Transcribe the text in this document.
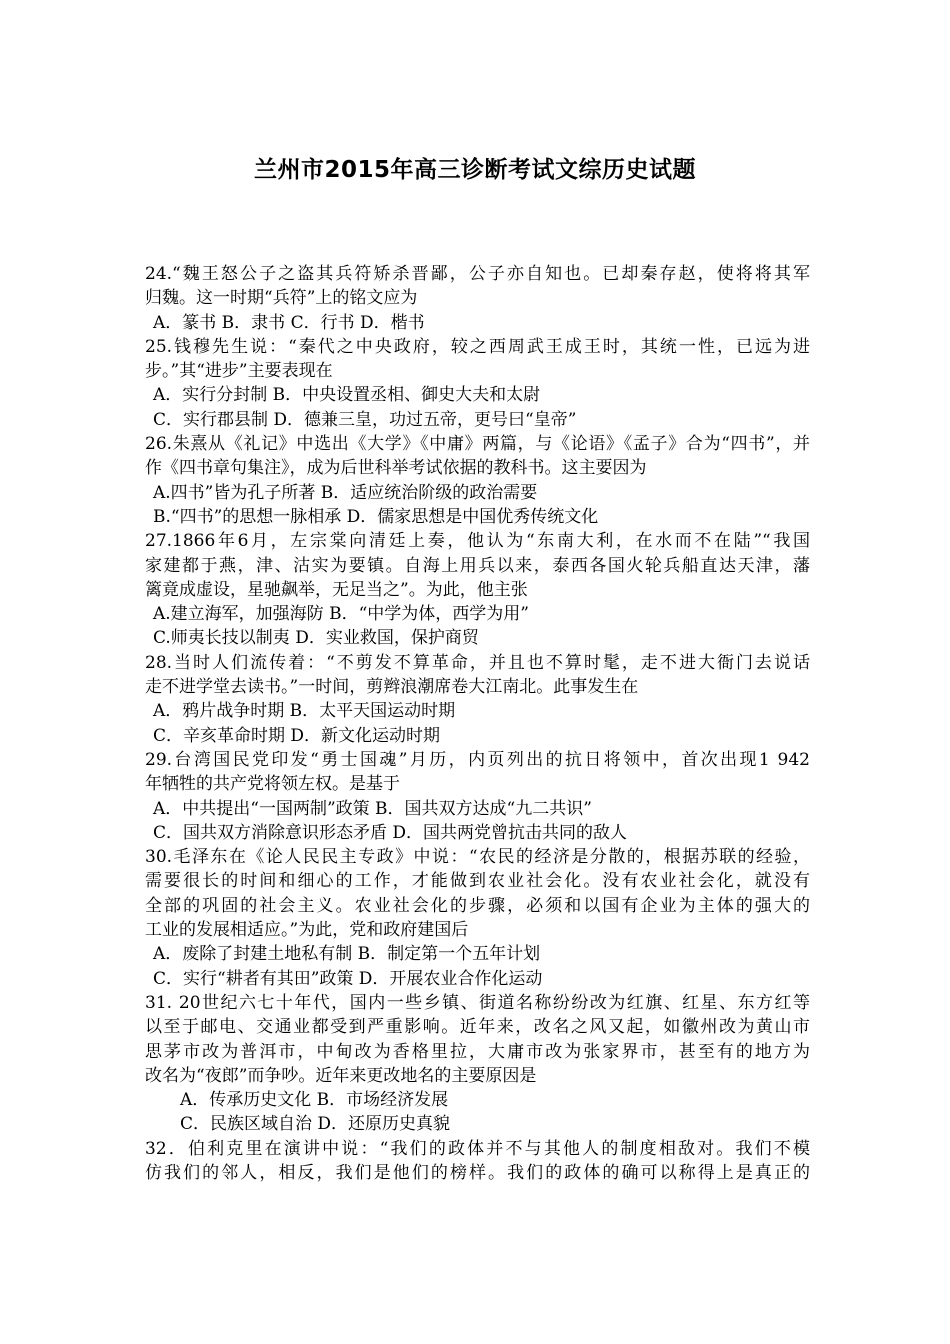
兰州市2015年高三诊断考试文综历史试题
24.“魏王怒公子之盗其兵符矫杀晋鄙，公子亦自知也。已却秦存赵，使将将其军
归魏。这一时期“兵符”上的铭文应为
A．篆书 B．隶书 C．行书 D．楷书
25.钱穆先生说：“秦代之中央政府，较之西周武王成王时，其统一性，已远为进
步。”其“进步”主要表现在
A．实行分封制 B．中央设置丞相、御史大夫和太尉
C．实行郡县制 D．德兼三皇，功过五帝，更号曰“皇帝”
26.朱熹从《礼记》中选出《大学》《中庸》两篇，与《论语》《孟子》合为“四书”，并
作《四书章句集注》，成为后世科举考试依据的教科书。这主要因为
A.四书”皆为孔子所著 B．适应统治阶级的政治需要
B.“四书”的思想一脉相承 D．儒家思想是中国优秀传统文化
27.1866年6月，左宗棠向清廷上奏，他认为“东南大利，在水而不在陆”“我国
家建都于燕，津、沽实为要镇。自海上用兵以来，泰西各国火轮兵船直达天津，藩
篱竟成虚设，星驰飙举，无足当之”。为此，他主张
A.建立海军，加强海防 B．“中学为体，西学为用”
C.师夷长技以制夷 D．实业救国，保护商贸
28.当时人们流传着：“不剪发不算革命，并且也不算时髦，走不进大衙门去说话
走不进学堂去读书。”一时间，剪辫浪潮席卷大江南北。此事发生在
A．鸦片战争时期 B．太平天国运动时期
C．辛亥革命时期 D．新文化运动时期
29.台湾国民党印发“勇士国魂”月历，内页列出的抗日将领中，首次出现1 942
年牺牲的共产党将领左权。是基于
A．中共提出“一国两制”政策 B．国共双方达成“九二共识”
C．国共双方消除意识形态矛盾 D．国共两党曾抗击共同的敌人
30.毛泽东在《论人民民主专政》中说：“农民的经济是分散的，根据苏联的经验，
需要很长的时间和细心的工作，才能做到农业社会化。没有农业社会化，就没有
全部的巩固的社会主义。农业社会化的步骤，必须和以国有企业为主体的强大的
工业的发展相适应。”为此，党和政府建国后
A．废除了封建土地私有制 B．制定第一个五年计划
C．实行“耕者有其田”政策 D．开展农业合作化运动
31. 20世纪六七十年代，国内一些乡镇、街道名称纷纷改为红旗、红星、东方红等
以至于邮电、交通业都受到严重影响。近年来，改名之风又起，如徽州改为黄山市
思茅市改为普洱市，中甸改为香格里拉，大庸市改为张家界市，甚至有的地方为
改名为“夜郎”而争吵。近年来更改地名的主要原因是
A．传承历史文化 B．市场经济发展
C．民族区域自治 D．还原历史真貌
32．伯利克里在演讲中说：“我们的政体并不与其他人的制度相敌对。我们不模
仿我们的邻人，相反，我们是他们的榜样。我们的政体的确可以称得上是真正的
